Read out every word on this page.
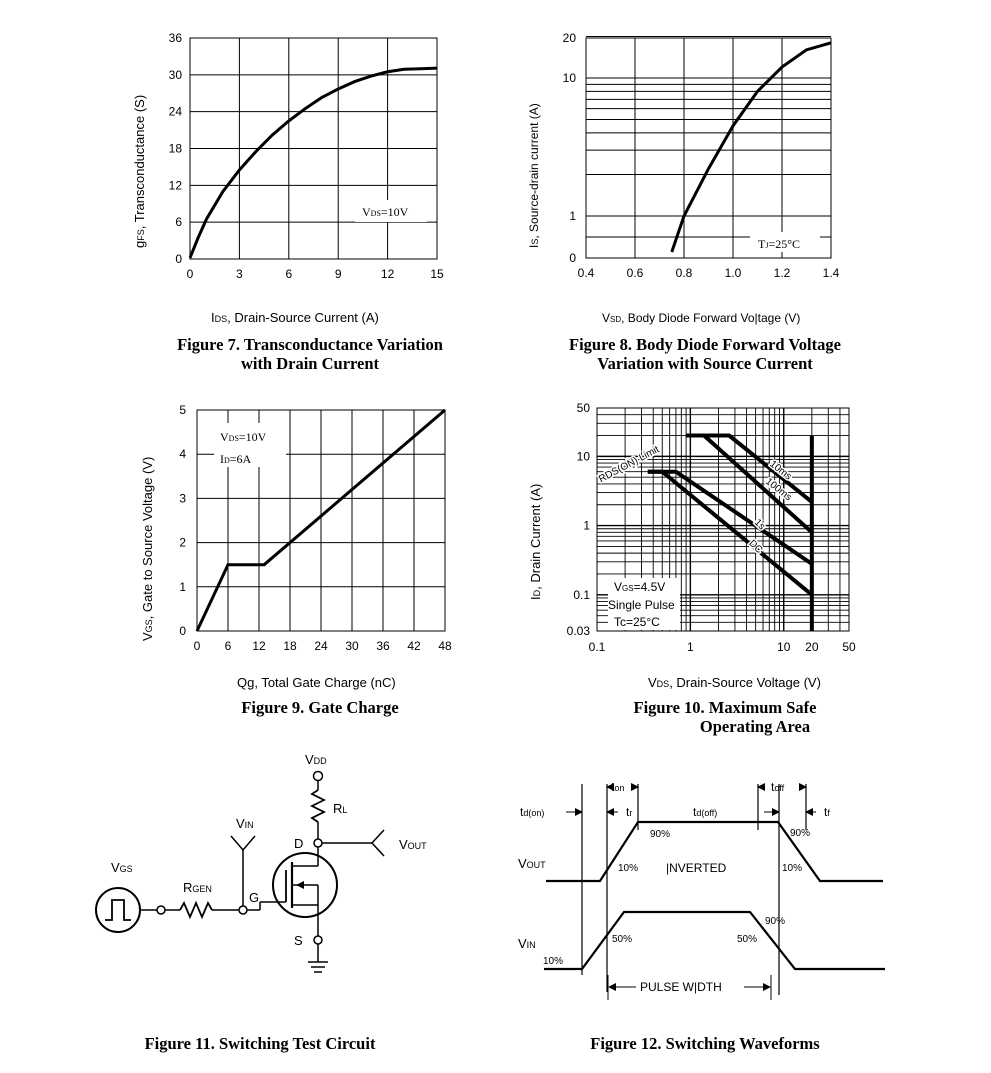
0	3	6	9	12	15
0
6
12
18
24
30
36
VDS=10V
gFS, Transconductance (S)
IDS, Drain-Source Current (A)
Figure 7. Transconductance Variation
with Drain Current
0.4	0.6	0.8	1.0	1.2	1.4
0
1
10
20
TJ=25°C
IS, Source-drain current (A)
VSD, Body Diode Forward Vo|tage (V)
Figure 8. Body Diode Forward Voltage
Variation with Source Current
0 6 12 18 24 30 36 42 48
0
1
2
3
4
5
VDS=10V
ID=6A
VGS, Gate to Source Voltage (V)
Qg, Total Gate Charge (nC)
Figure 9. Gate Charge
0.1	1	10 20 50
0.03
0.1
1
10
50
RDS(ON) Limit	10ms
100ms
1s
DC
VGS=4.5V
Single Pulse
Tc=25°C
ID, Drain Current (A)
VDS, Drain-Source Voltage (V)
Figure 10. Maximum Safe
Operating Area
VDD
RL
D	VOUT
S
G
VIN
RGEN
VGS
Figure 11. Switching Test Circuit
ton	toff
td(on)	tr	td(off)	tf
VOUT
90%	90%
10%	10%
|NVERTED
VIN
10%
50%
90%
50%
PULSE W|DTH
Figure 12. Switching Waveforms
